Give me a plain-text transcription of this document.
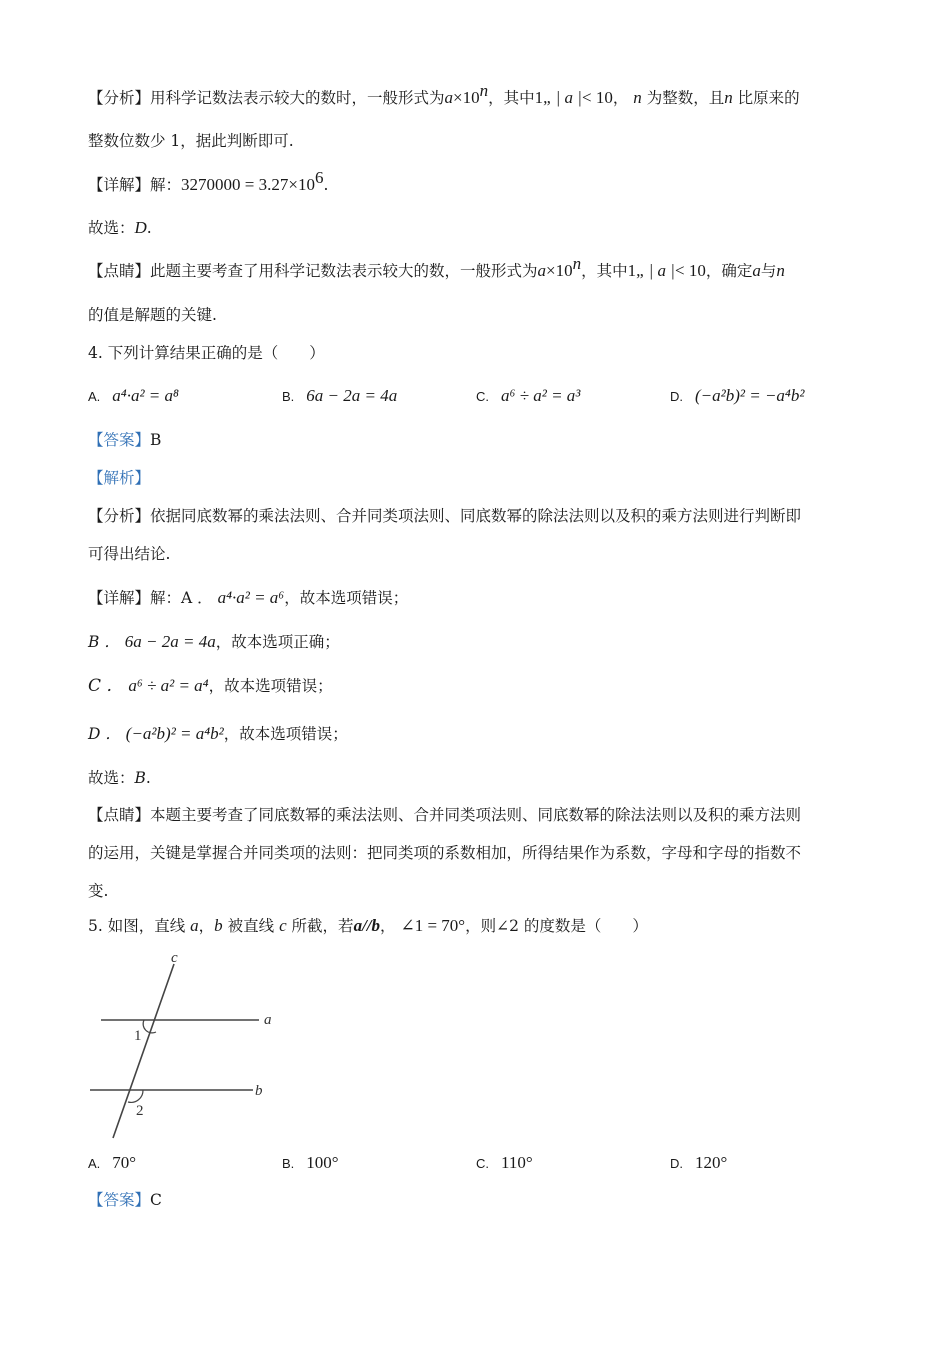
【分析】用科学记数法表示较大的数时，一般形式为$a\times 10^n$，其中1„ | a |< 10， n 为整数，且n 比原来的
整数位数少 1，据此判断即可.
【详解】解：$3270000 = 3.27\times 10^6$.
故选：D.
【点睛】此题主要考查了用科学记数法表示较大的数，一般形式为$a\times 10^n$，其中1„ | a |< 10，确定a与n
的值是解题的关键.
4. 下列计算结果正确的是（　　）
A. a⁴·a² = a⁸	B. 6a − 2a = 4a	C. a⁶ ÷ a² = a³	D. (−a²b)² = −a⁴b²
【答案】B
【解析】
【分析】依据同底数幂的乘法法则、合并同类项法则、同底数幂的除法法则以及积的乘方法则进行判断即
可得出结论.
【详解】解：A ． a⁴·a² = a⁶，故本选项错误；
B ． 6a − 2a = 4a，故本选项正确；
C ． a⁶ ÷ a² = a⁴，故本选项错误；
D ． (−a²b)² = a⁴b²，故本选项错误；
故选：B.
【点睛】本题主要考查了同底数幂的乘法法则、合并同类项法则、同底数幂的除法法则以及积的乘方法则
的运用，关键是掌握合并同类项的法则：把同类项的系数相加，所得结果作为系数，字母和字母的指数不
变.
5. 如图，直线 a，b 被直线 c 所截，若a//b， ∠1 = 70°，则∠2 的度数是（　　）
c
a
b
1
2
A. 70°	B. 100°	C. 110°	D. 120°
【答案】C
